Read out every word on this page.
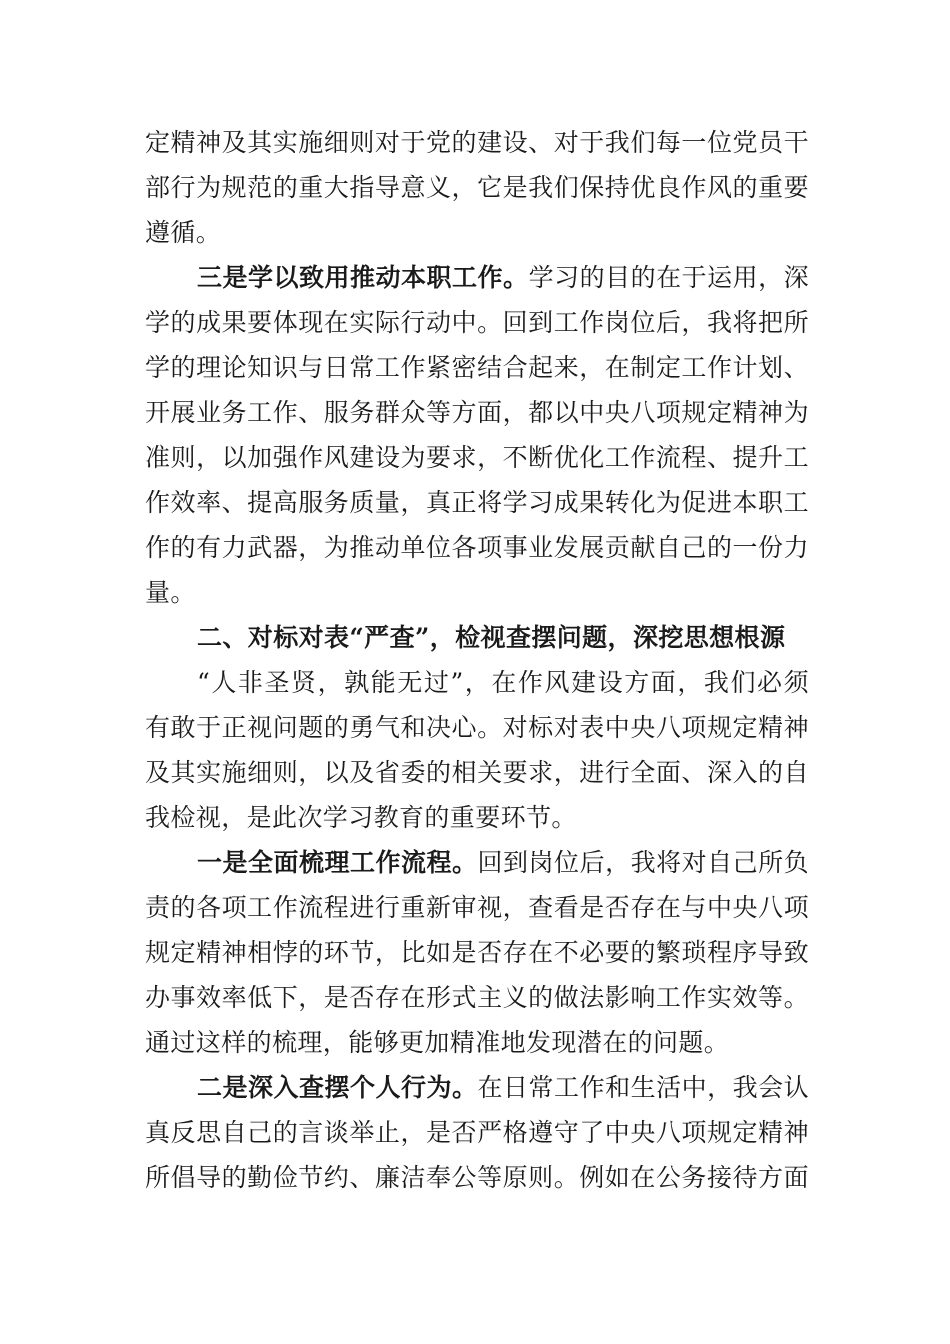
定精神及其实施细则对于党的建设、对于我们每一位党员干
部行为规范的重大指导意义，它是我们保持优良作风的重要
遵循。
三是学以致用推动本职工作。学习的目的在于运用，深
学的成果要体现在实际行动中。回到工作岗位后，我将把所
学的理论知识与日常工作紧密结合起来，在制定工作计划、
开展业务工作、服务群众等方面，都以中央八项规定精神为
准则，以加强作风建设为要求，不断优化工作流程、提升工
作效率、提高服务质量，真正将学习成果转化为促进本职工
作的有力武器，为推动单位各项事业发展贡献自己的一份力
量。
二、对标对表“严查”，检视查摆问题，深挖思想根源
“人非圣贤，孰能无过”，在作风建设方面，我们必须
有敢于正视问题的勇气和决心。对标对表中央八项规定精神
及其实施细则，以及省委的相关要求，进行全面、深入的自
我检视，是此次学习教育的重要环节。
一是全面梳理工作流程。回到岗位后，我将对自己所负
责的各项工作流程进行重新审视，查看是否存在与中央八项
规定精神相悖的环节，比如是否存在不必要的繁琐程序导致
办事效率低下，是否存在形式主义的做法影响工作实效等。
通过这样的梳理，能够更加精准地发现潜在的问题。
二是深入查摆个人行为。在日常工作和生活中，我会认
真反思自己的言谈举止，是否严格遵守了中央八项规定精神
所倡导的勤俭节约、廉洁奉公等原则。例如在公务接待方面
